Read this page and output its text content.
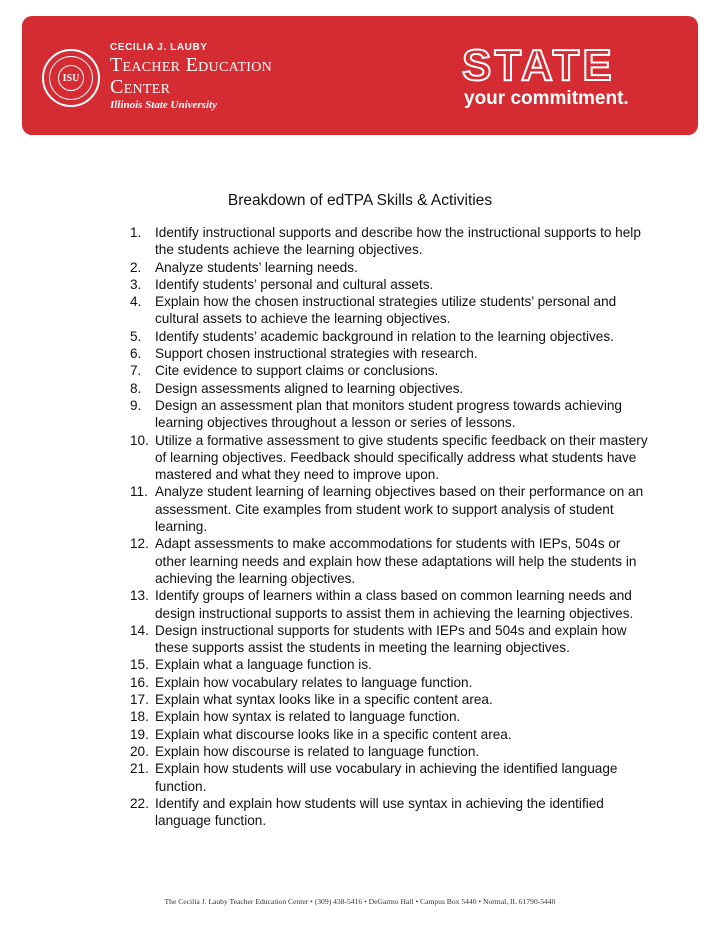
ISU
CECILIA J. LAUBY
Teacher Education
Center
Illinois State University
STATE
your commitment.
Breakdown of edTPA Skills & Activities
1. Identify instructional supports and describe how the instructional supports to help the students achieve the learning objectives.
2. Analyze students’ learning needs.
3. Identify students’ personal and cultural assets.
4. Explain how the chosen instructional strategies utilize students’ personal and cultural assets to achieve the learning objectives.
5. Identify students’ academic background in relation to the learning objectives.
6. Support chosen instructional strategies with research.
7. Cite evidence to support claims or conclusions.
8. Design assessments aligned to learning objectives.
9. Design an assessment plan that monitors student progress towards achieving learning objectives throughout a lesson or series of lessons.
10. Utilize a formative assessment to give students specific feedback on their mastery of learning objectives. Feedback should specifically address what students have mastered and what they need to improve upon.
11. Analyze student learning of learning objectives based on their performance on an assessment. Cite examples from student work to support analysis of student learning.
12. Adapt assessments to make accommodations for students with IEPs, 504s or other learning needs and explain how these adaptations will help the students in achieving the learning objectives.
13. Identify groups of learners within a class based on common learning needs and design instructional supports to assist them in achieving the learning objectives.
14. Design instructional supports for students with IEPs and 504s and explain how these supports assist the students in meeting the learning objectives.
15. Explain what a language function is.
16. Explain how vocabulary relates to language function.
17. Explain what syntax looks like in a specific content area.
18. Explain how syntax is related to language function.
19. Explain what discourse looks like in a specific content area.
20. Explain how discourse is related to language function.
21. Explain how students will use vocabulary in achieving the identified language function.
22. Identify and explain how students will use syntax in achieving the identified language function.
The Cecilia J. Lauby Teacher Education Center • (309) 438-5416 • DeGarmo Hall • Campus Box 5440 • Normal, IL 61790-5440
